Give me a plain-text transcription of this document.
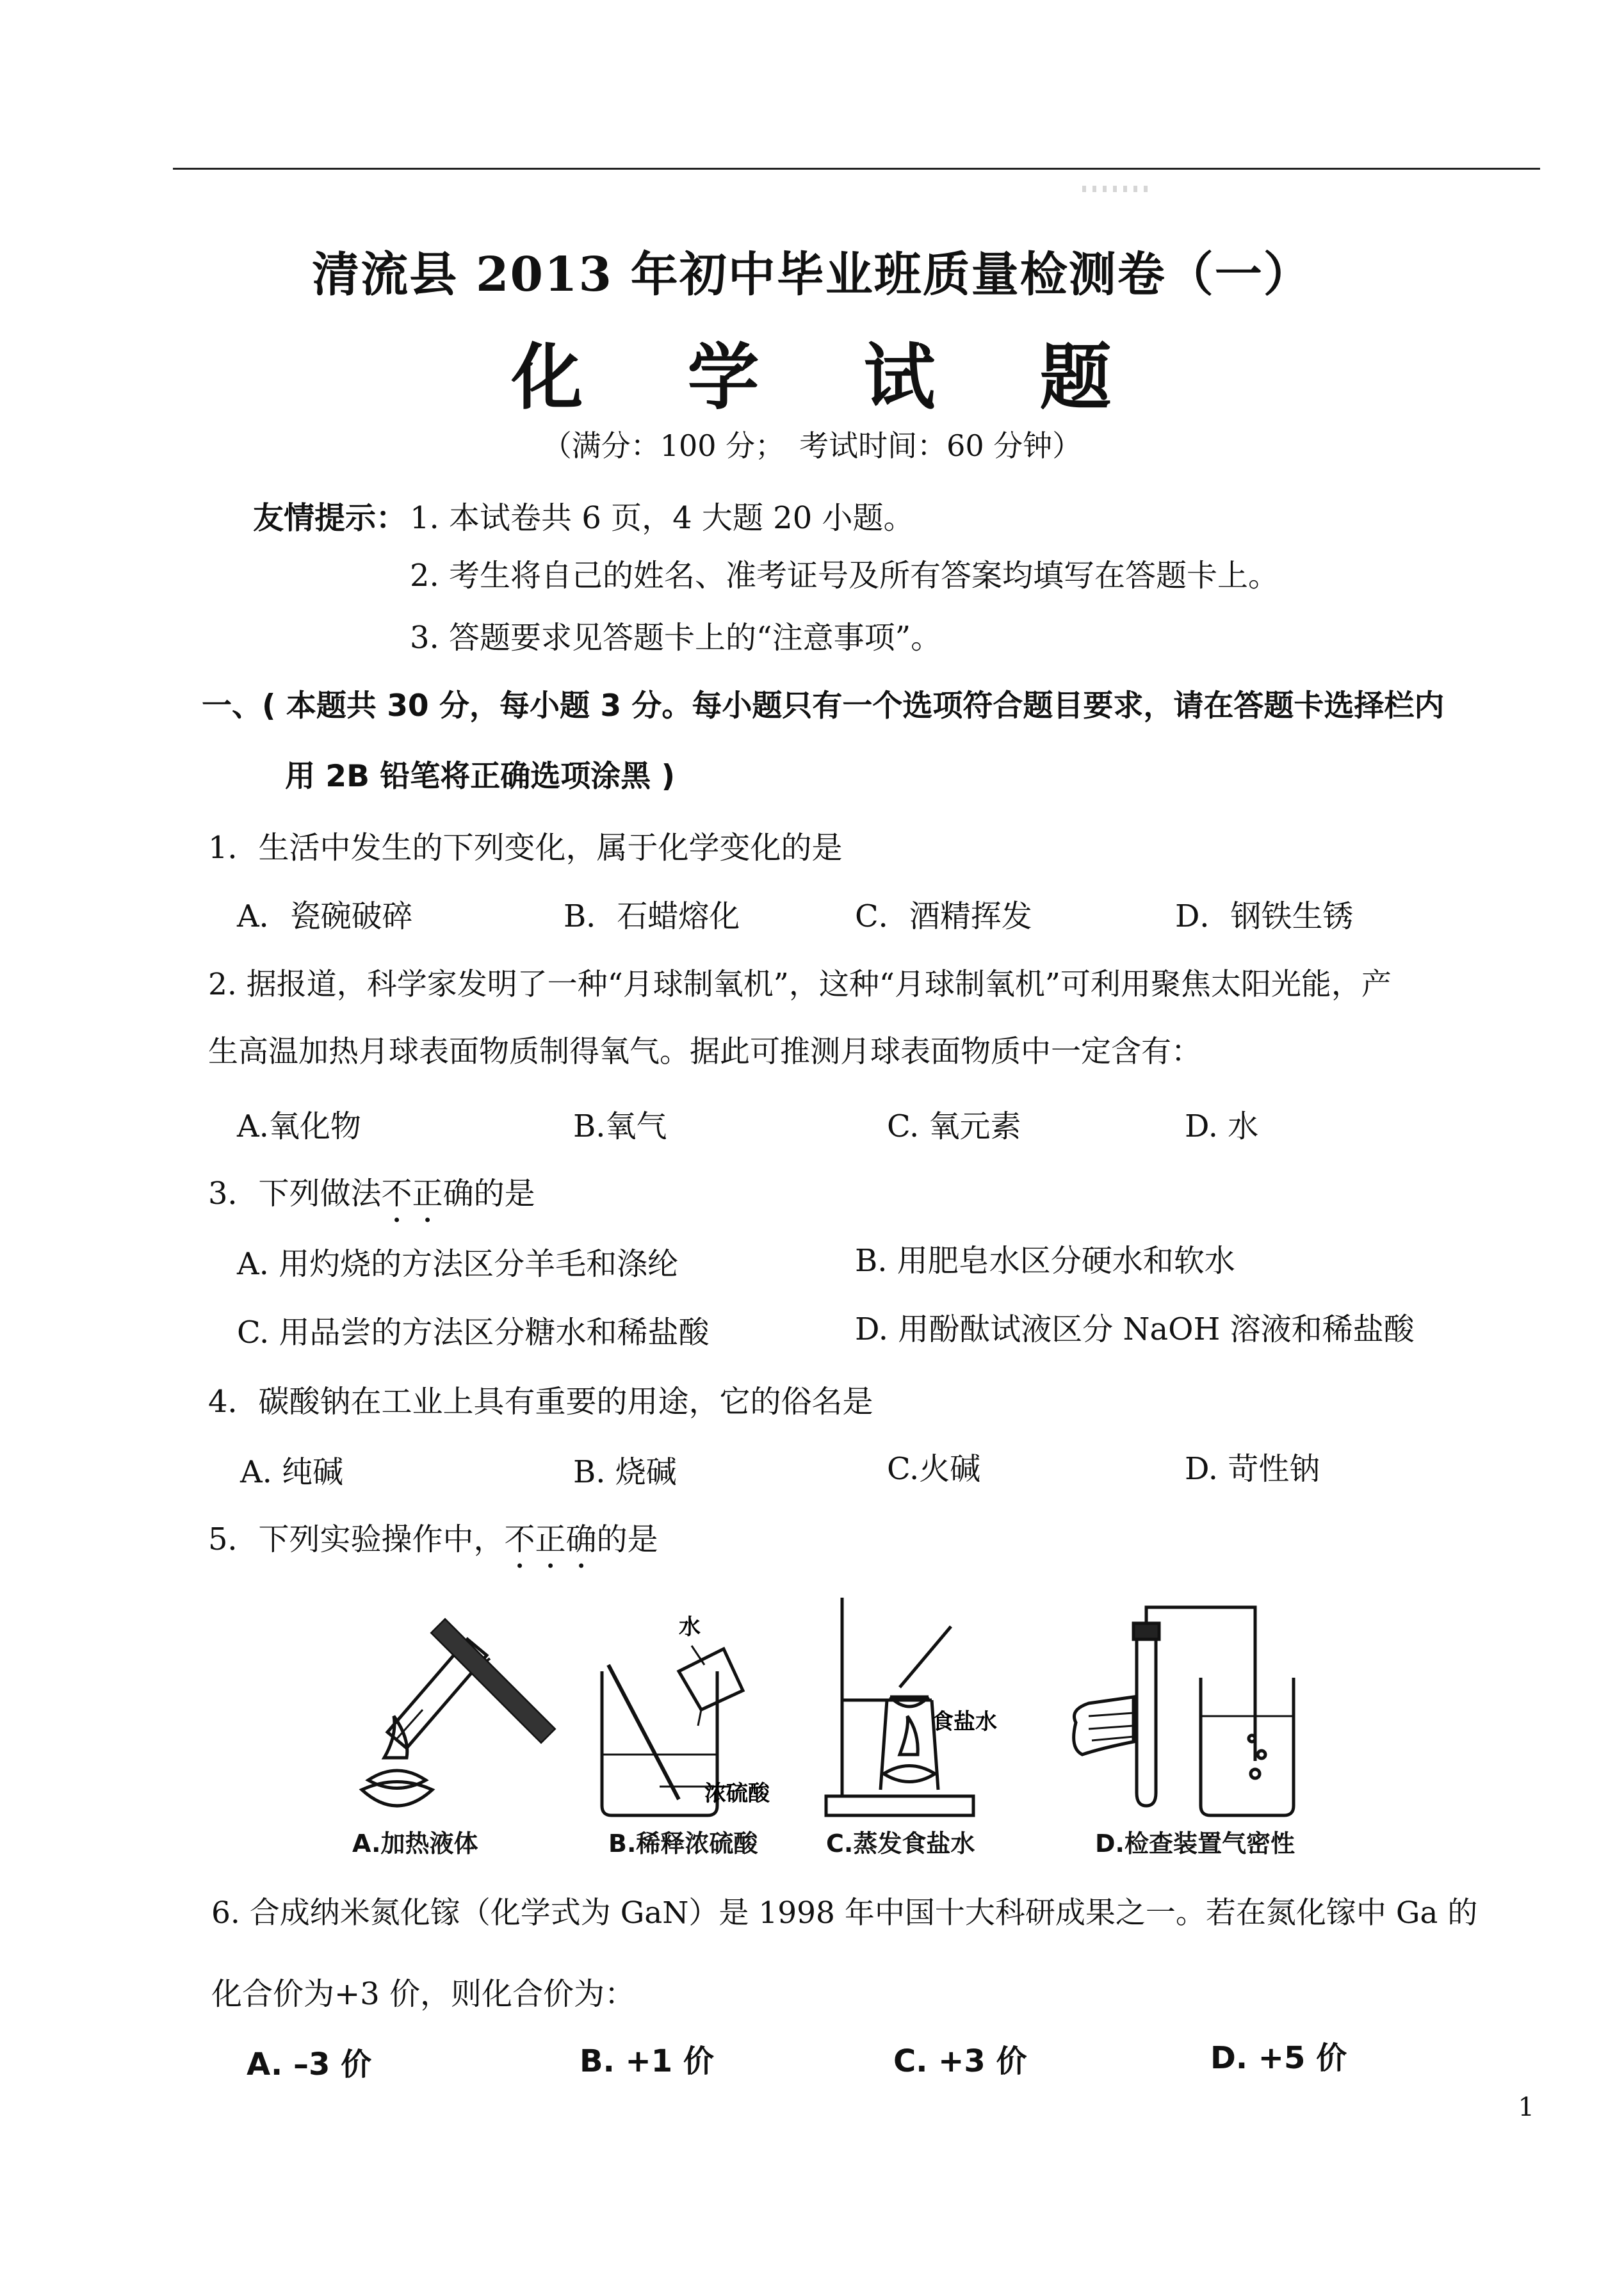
清流县 2013 年初中毕业班质量检测卷（一）
化 学 试 题
（满分：100 分；　考试时间：60 分钟）
友情提示： 1. 本试卷共 6 页，4 大题 20 小题。
2. 考生将自己的姓名、准考证号及所有答案均填写在答题卡上。
3. 答题要求见答题卡上的“注意事项”。
一、( 本题共 30 分，每小题 3 分。每小题只有一个选项符合题目要求，请在答题卡选择栏内
用 2B 铅笔将正确选项涂黑 )
1．生活中发生的下列变化，属于化学变化的是
A．瓷碗破碎	B．石蜡熔化	C．酒精挥发	D．钢铁生锈
2. 据报道，科学家发明了一种“月球制氧机”，这种“月球制氧机”可利用聚焦太阳光能，产
生高温加热月球表面物质制得氧气。据此可推测月球表面物质中一定含有：
A.氧化物	B.氧气	C. 氧元素	D. 水
3．下列做法不正确的是
A. 用灼烧的方法区分羊毛和涤纶	B. 用肥皂水区分硬水和软水
C. 用品尝的方法区分糖水和稀盐酸	D. 用酚酞试液区分 NaOH 溶液和稀盐酸
4．碳酸钠在工业上具有重要的用途，它的俗名是
A. 纯碱	B. 烧碱	C.火碱	D. 苛性钠
5．下列实验操作中，不正确的是
水
浓硫酸
食盐水
A.加热液体	B.稀释浓硫酸	C.蒸发食盐水	D.检查装置气密性
6. 合成纳米氮化镓（化学式为 GaN）是 1998 年中国十大科研成果之一。若在氮化镓中 Ga 的
化合价为+3 价，则化合价为：
A. –3 价	B. +1 价	C. +3 价	D. +5 价
1
